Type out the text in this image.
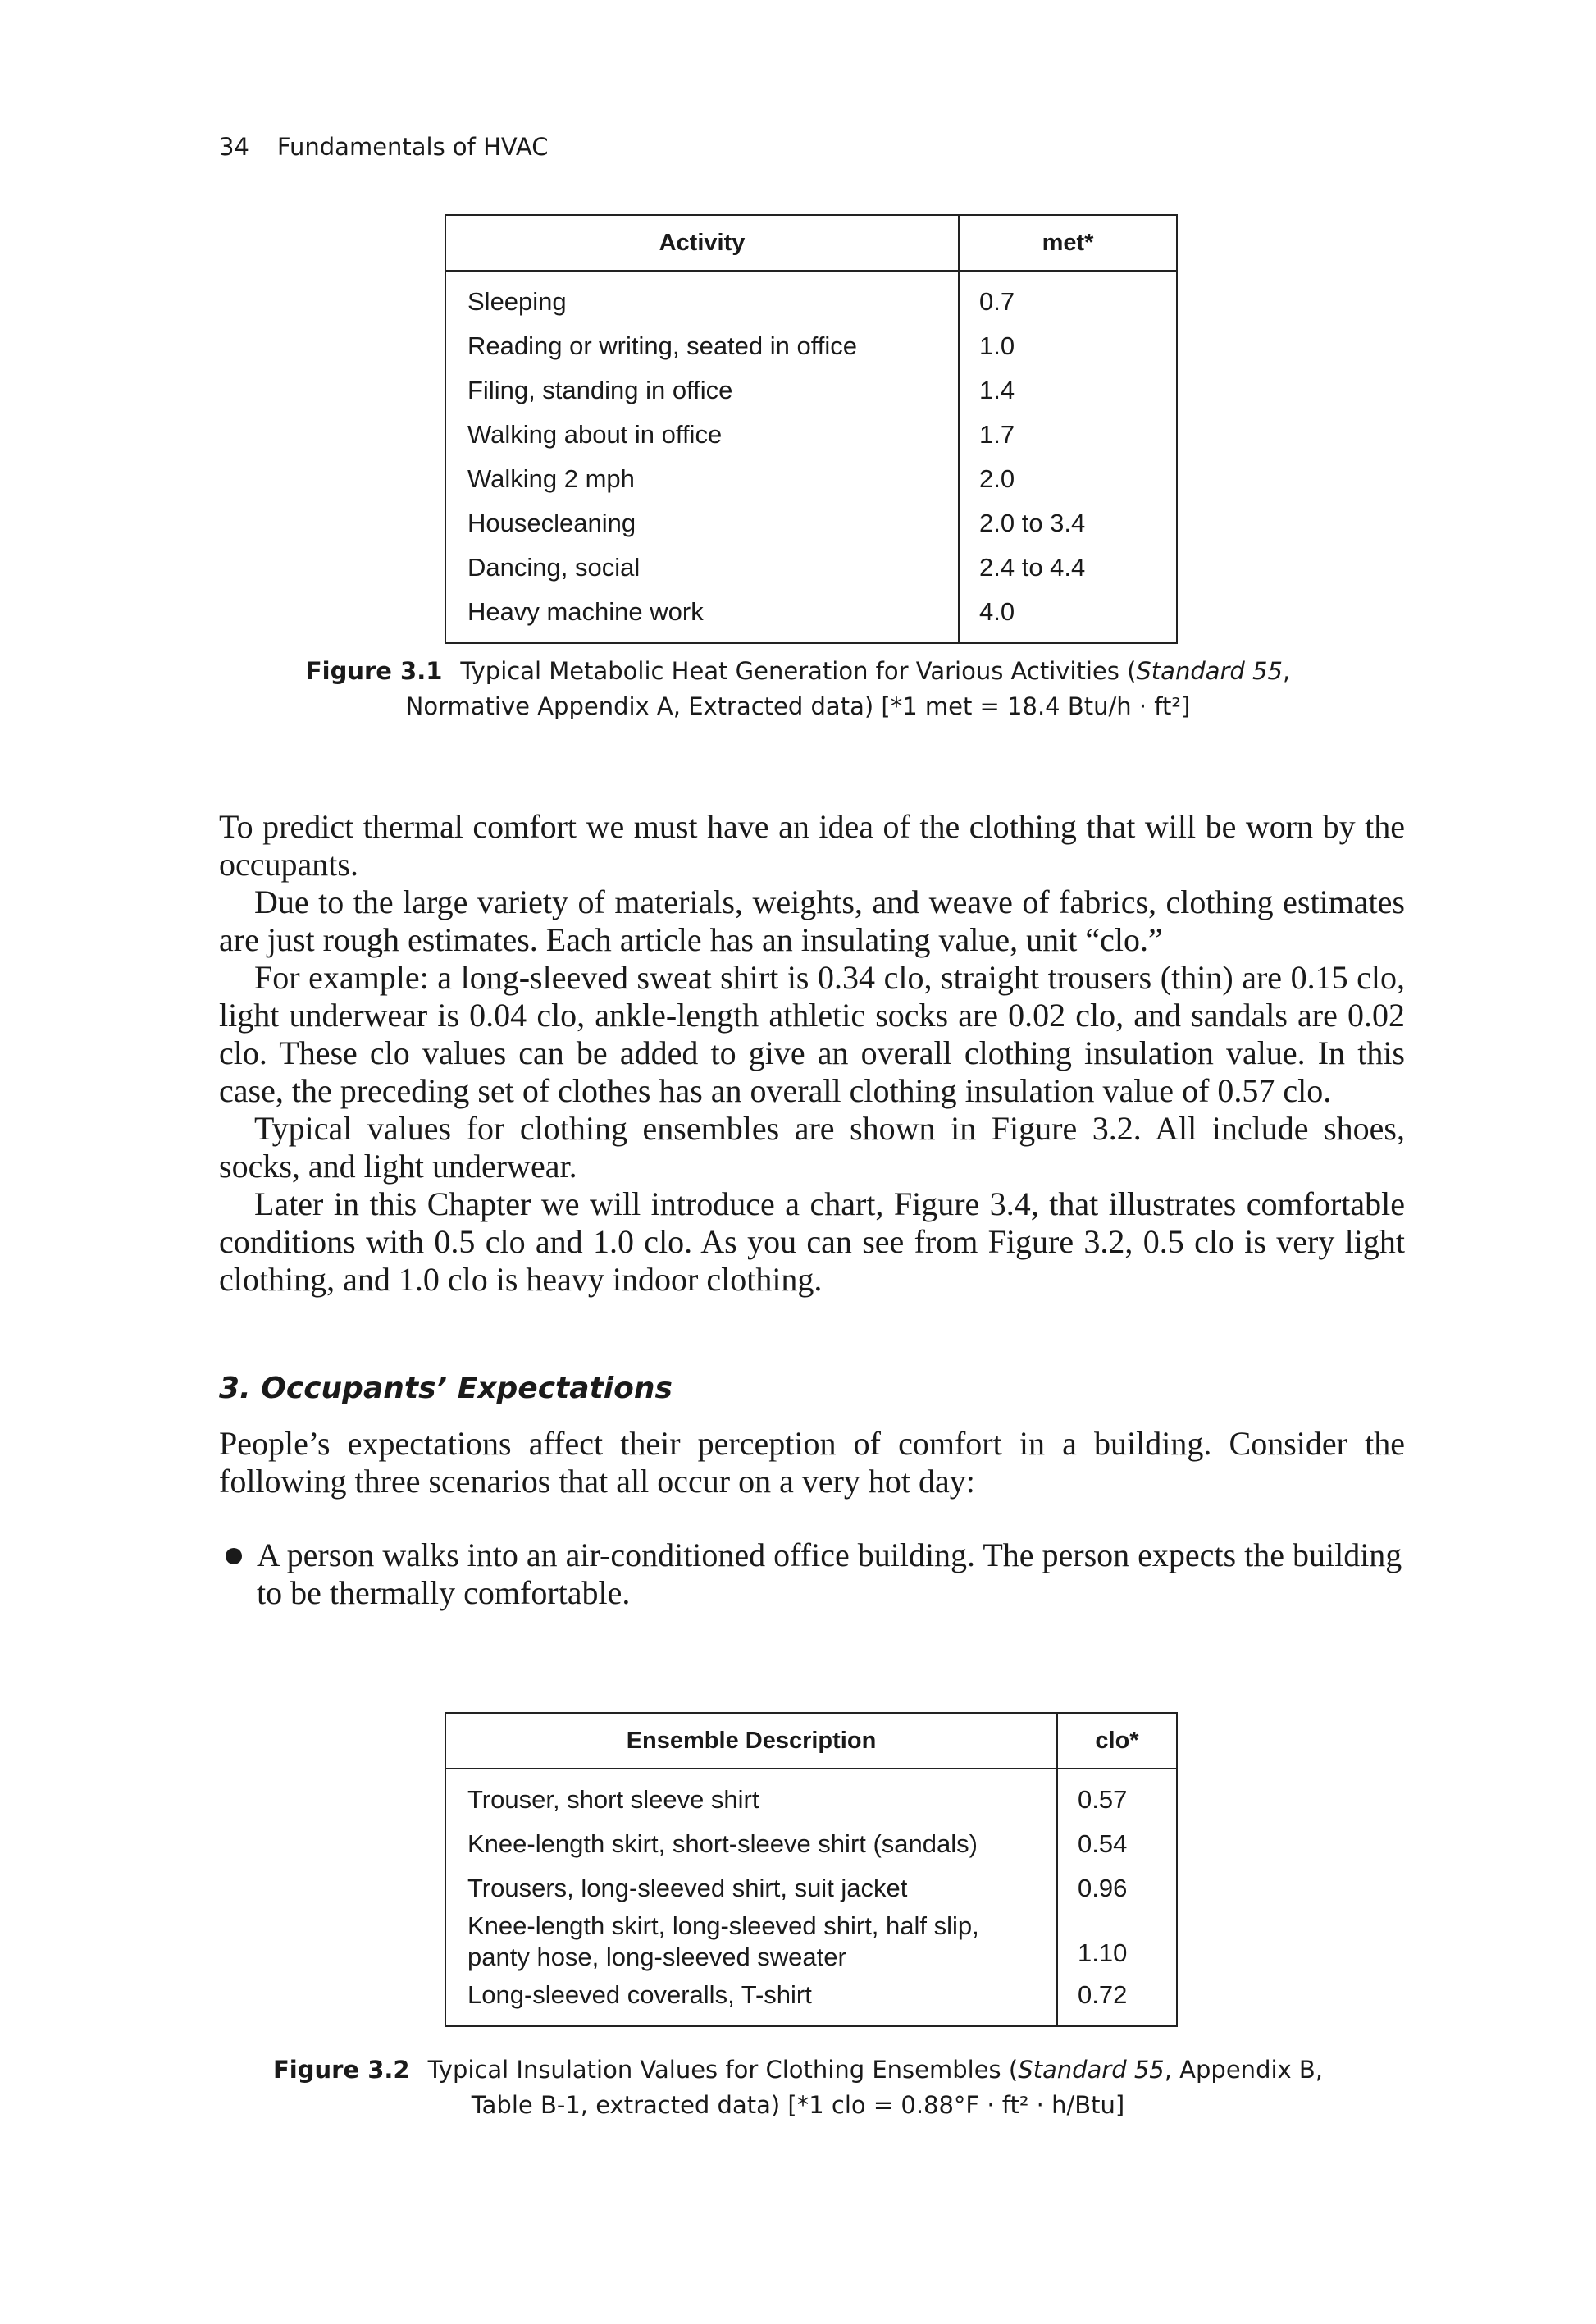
34 Fundamentals of HVAC
Activity	met*
Sleeping	0.7
Reading or writing, seated in office	1.0
Filing, standing in office	1.4
Walking about in office	1.7
Walking 2 mph	2.0
Housecleaning	2.0 to 3.4
Dancing, social	2.4 to 4.4
Heavy machine work	4.0
Figure 3.1 Typical Metabolic Heat Generation for Various Activities (Standard 55,
Normative Appendix A, Extracted data) [*1 met = 18.4 Btu/h · ft²]

To predict thermal comfort we must have an idea of the clothing that will be worn by the occupants.

Due to the large variety of materials, weights, and weave of fabrics, clothing estimates are just rough estimates. Each article has an insulating value, unit “clo.”

For example: a long-sleeved sweat shirt is 0.34 clo, straight trousers (thin) are 0.15 clo, light underwear is 0.04 clo, ankle-length athletic socks are 0.02 clo, and sandals are 0.02 clo. These clo values can be added to give an overall clothing insulation value. In this case, the preceding set of clothes has an overall clothing insulation value of 0.57 clo.

Typical values for clothing ensembles are shown in Figure 3.2. All include shoes, socks, and light underwear.

Later in this Chapter we will introduce a chart, Figure 3.4, that illustrates comfortable conditions with 0.5 clo and 1.0 clo. As you can see from Figure 3.2, 0.5 clo is very light clothing, and 1.0 clo is heavy indoor clothing.

3. Occupants’ Expectations

People’s expectations affect their perception of comfort in a building. Consider the following three scenarios that all occur on a very hot day:

A person walks into an air-conditioned office building. The person expects the building to be thermally comfortable.
Ensemble Description	clo*
Trouser, short sleeve shirt	0.57
Knee-length skirt, short-sleeve shirt (sandals)	0.54
Trousers, long-sleeved shirt, suit jacket	0.96
Knee-length skirt, long-sleeved shirt, half slip, panty hose, long-sleeved sweater	1.10
Long-sleeved coveralls, T-shirt	0.72
Figure 3.2 Typical Insulation Values for Clothing Ensembles (Standard 55, Appendix B,
Table B-1, extracted data) [*1 clo = 0.88°F · ft² · h/Btu]
